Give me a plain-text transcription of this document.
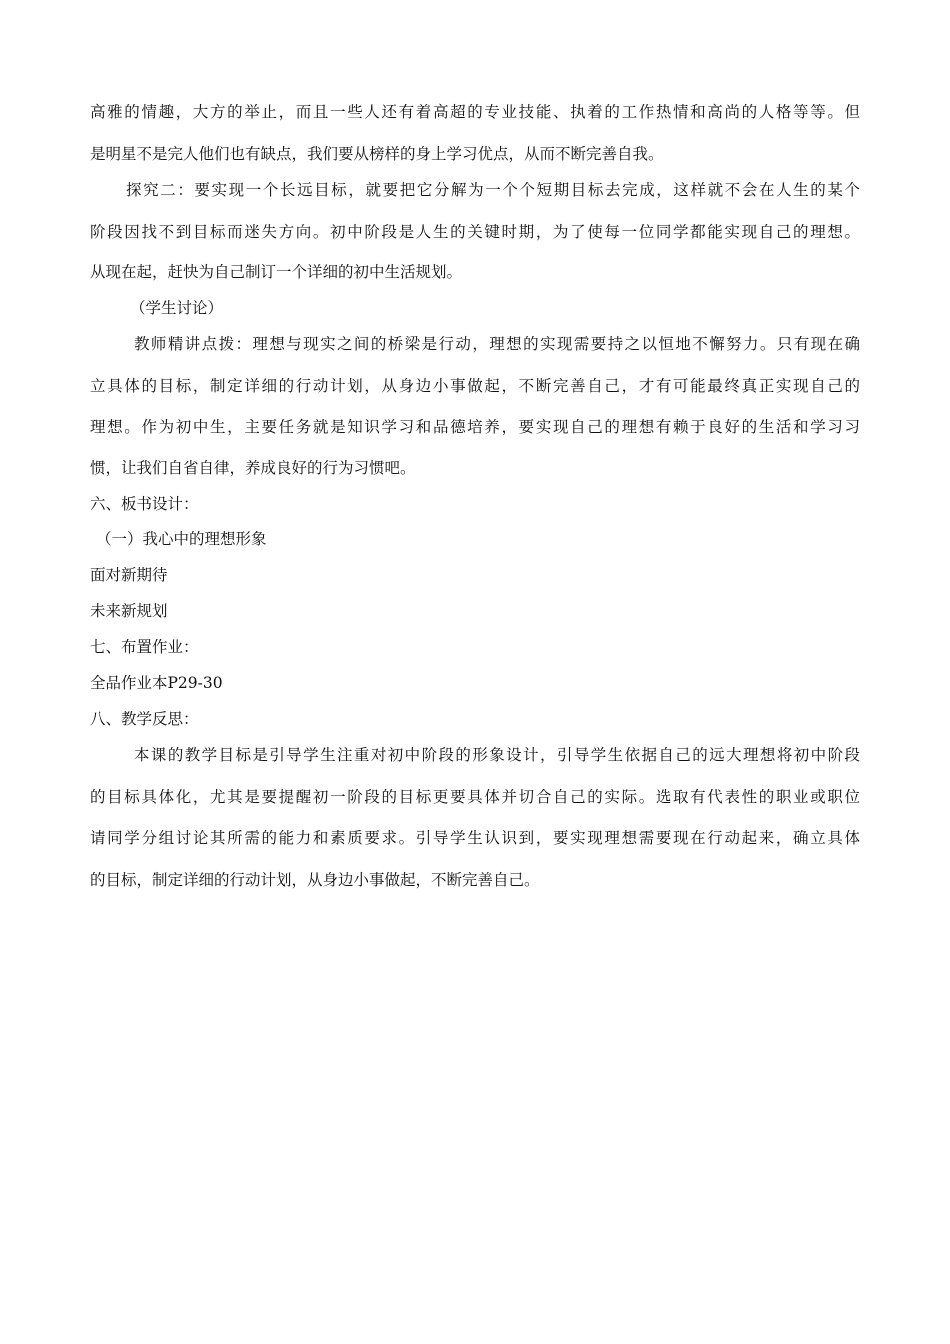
高雅的情趣，大方的举止，而且一些人还有着高超的专业技能、执着的工作热情和高尚的人格等等。但
是明星不是完人他们也有缺点，我们要从榜样的身上学习优点，从而不断完善自我。
探究二：要实现一个长远目标，就要把它分解为一个个短期目标去完成，这样就不会在人生的某个
阶段因找不到目标而迷失方向。初中阶段是人生的关键时期，为了使每一位同学都能实现自己的理想。
从现在起，赶快为自己制订一个详细的初中生活规划。
（学生讨论）
教师精讲点拨：理想与现实之间的桥梁是行动，理想的实现需要持之以恒地不懈努力。只有现在确
立具体的目标，制定详细的行动计划，从身边小事做起，不断完善自己，才有可能最终真正实现自己的
理想。作为初中生，主要任务就是知识学习和品德培养，要实现自己的理想有赖于良好的生活和学习习
惯，让我们自省自律，养成良好的行为习惯吧。
六、板书设计：
（一）我心中的理想形象
面对新期待
未来新规划
七、布置作业：
全品作业本P29-30
八、教学反思：
本课的教学目标是引导学生注重对初中阶段的形象设计，引导学生依据自己的远大理想将初中阶段
的目标具体化，尤其是要提醒初一阶段的目标更要具体并切合自己的实际。选取有代表性的职业或职位
请同学分组讨论其所需的能力和素质要求。引导学生认识到，要实现理想需要现在行动起来，确立具体
的目标，制定详细的行动计划，从身边小事做起，不断完善自己。
